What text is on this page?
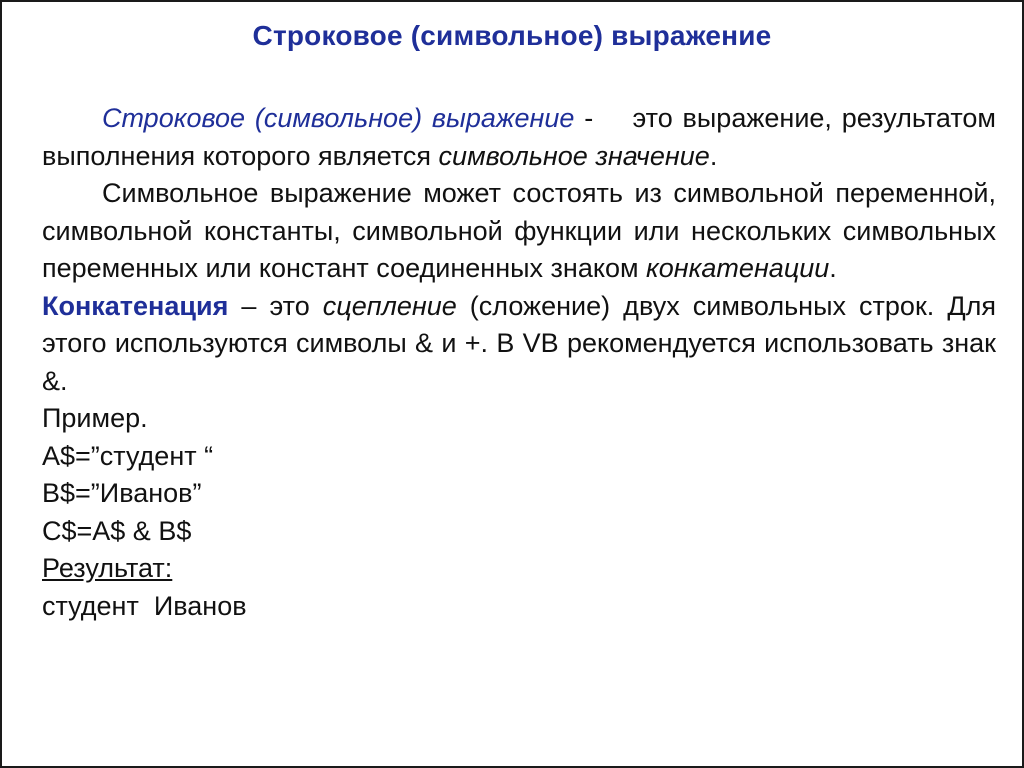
Строковое (символьное) выражение
Строковое (символьное) выражение -    это выражение, результатом выполнения которого является символьное значение.
Символьное выражение может состоять из символьной переменной, символьной константы, символьной функции или нескольких символьных переменных или констант соединенных знаком конкатенации.
Конкатенация – это сцепление (сложение) двух символьных строк. Для этого используются символы & и +. В VB рекомендуется использовать знак &.
Пример.
A$=”студент “
B$=”Иванов”
C$=A$ & B$
Результат:
студент  Иванов
